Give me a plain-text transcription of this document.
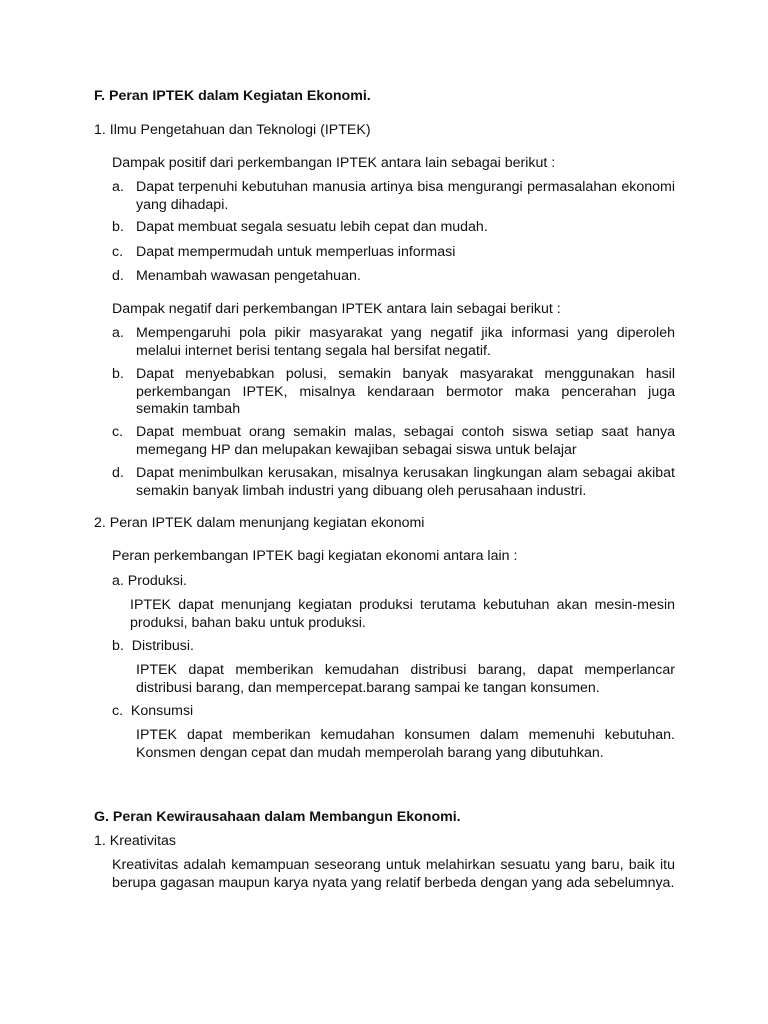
F. Peran IPTEK dalam Kegiatan Ekonomi.
1. Ilmu Pengetahuan dan Teknologi (IPTEK)
Dampak positif dari perkembangan IPTEK antara lain sebagai berikut :
a. Dapat terpenuhi kebutuhan manusia artinya bisa mengurangi permasalahan ekonomi yang dihadapi.
b. Dapat membuat segala sesuatu lebih cepat dan mudah.
c. Dapat mempermudah untuk memperluas informasi
d. Menambah wawasan pengetahuan.
Dampak negatif dari perkembangan IPTEK antara lain sebagai berikut :
a. Mempengaruhi pola pikir masyarakat yang negatif jika informasi yang diperoleh melalui internet berisi tentang segala hal bersifat negatif.
b. Dapat menyebabkan polusi, semakin banyak masyarakat menggunakan hasil perkembangan IPTEK, misalnya kendaraan bermotor maka pencerahan juga semakin tambah
c. Dapat membuat orang semakin malas, sebagai contoh siswa setiap saat hanya memegang HP dan melupakan kewajiban sebagai siswa untuk belajar
d. Dapat menimbulkan kerusakan, misalnya kerusakan lingkungan alam sebagai akibat semakin banyak limbah industri yang dibuang oleh perusahaan industri.
2. Peran IPTEK dalam menunjang kegiatan ekonomi
Peran perkembangan IPTEK bagi kegiatan ekonomi antara lain :
a. Produksi.
IPTEK dapat menunjang kegiatan produksi terutama kebutuhan akan mesin-mesin produksi, bahan baku untuk produksi.
b.  Distribusi.
IPTEK dapat memberikan kemudahan distribusi barang, dapat memperlancar distribusi barang, dan mempercepat.barang sampai ke tangan konsumen.
c.  Konsumsi
IPTEK dapat memberikan kemudahan konsumen dalam memenuhi kebutuhan. Konsmen dengan cepat dan mudah memperolah barang yang dibutuhkan.
G. Peran Kewirausahaan dalam Membangun Ekonomi.
1. Kreativitas
Kreativitas adalah kemampuan seseorang untuk melahirkan sesuatu yang baru, baik itu berupa gagasan maupun karya nyata yang relatif berbeda dengan yang ada sebelumnya.
